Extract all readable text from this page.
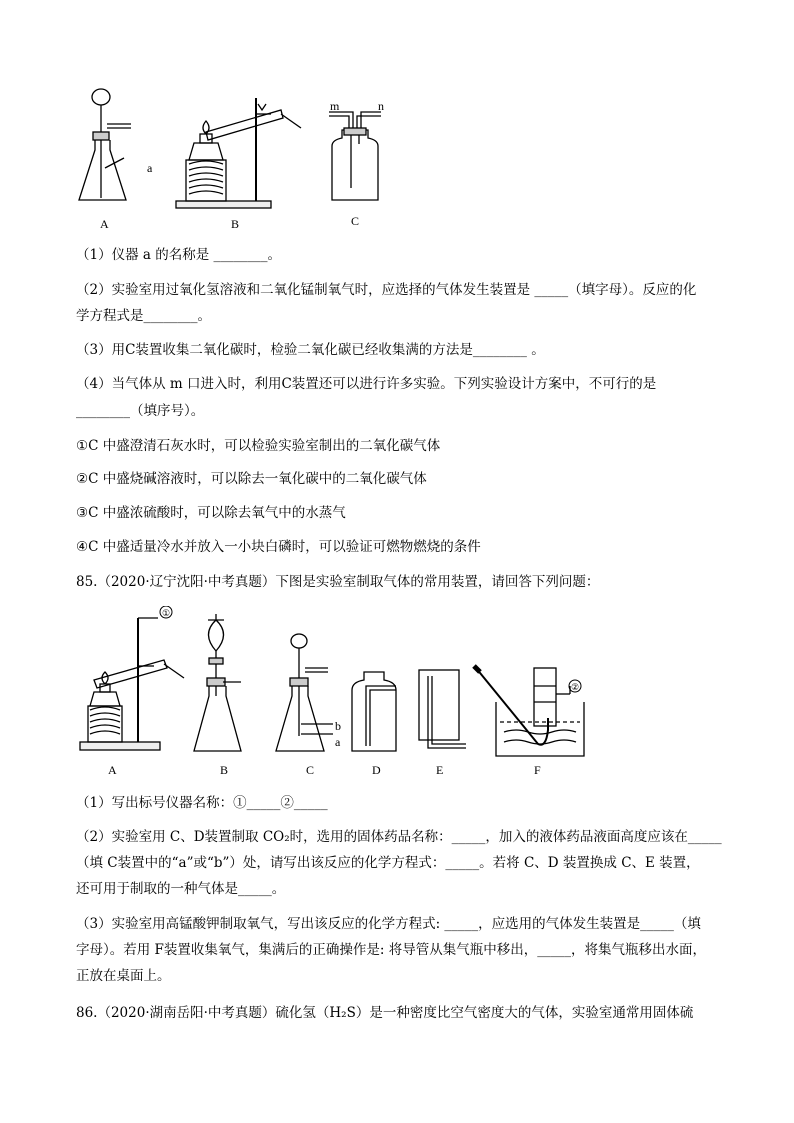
a
m	n
A	B	C
（1）仪器 a 的名称是 ________。
（2）实验室用过氧化氢溶液和二氧化锰制氧气时，应选择的气体发生装置是 _____（填字母）。反应的化
学方程式是________。
（3）用C装置收集二氧化碳时，检验二氧化碳已经收集满的方法是________ 。
（4）当气体从 m 口进入时，利用C装置还可以进行许多实验。下列实验设计方案中，不可行的是
________（填序号）。
①C 中盛澄清石灰水时，可以检验实验室制出的二氧化碳气体
②C 中盛烧碱溶液时，可以除去一氧化碳中的二氧化碳气体
③C 中盛浓硫酸时，可以除去氧气中的水蒸气
④C 中盛适量冷水并放入一小块白磷时，可以验证可燃物燃烧的条件
85.（2020·辽宁沈阳·中考真题）下图是实验室制取气体的常用装置，请回答下列问题：
①
②
b
a
A	B	C	D	E	F
（1）写出标号仪器名称：①_____②_____
（2）实验室用 C、D装置制取 CO₂时，选用的固体药品名称：_____，加入的液体药品液面高度应该在_____
（填 C装置中的“a”或“b”）处，请写出该反应的化学方程式：_____。若将 C、D 装置换成 C、E 装置，
还可用于制取的一种气体是_____。
（3）实验室用高锰酸钾制取氧气，写出该反应的化学方程式: _____，应选用的气体发生装置是_____（填
字母）。若用 F装置收集氧气，集满后的正确操作是: 将导管从集气瓶中移出，_____，将集气瓶移出水面，
正放在桌面上。
86.（2020·湖南岳阳·中考真题）硫化氢（H₂S）是一种密度比空气密度大的气体，实验室通常用固体硫
